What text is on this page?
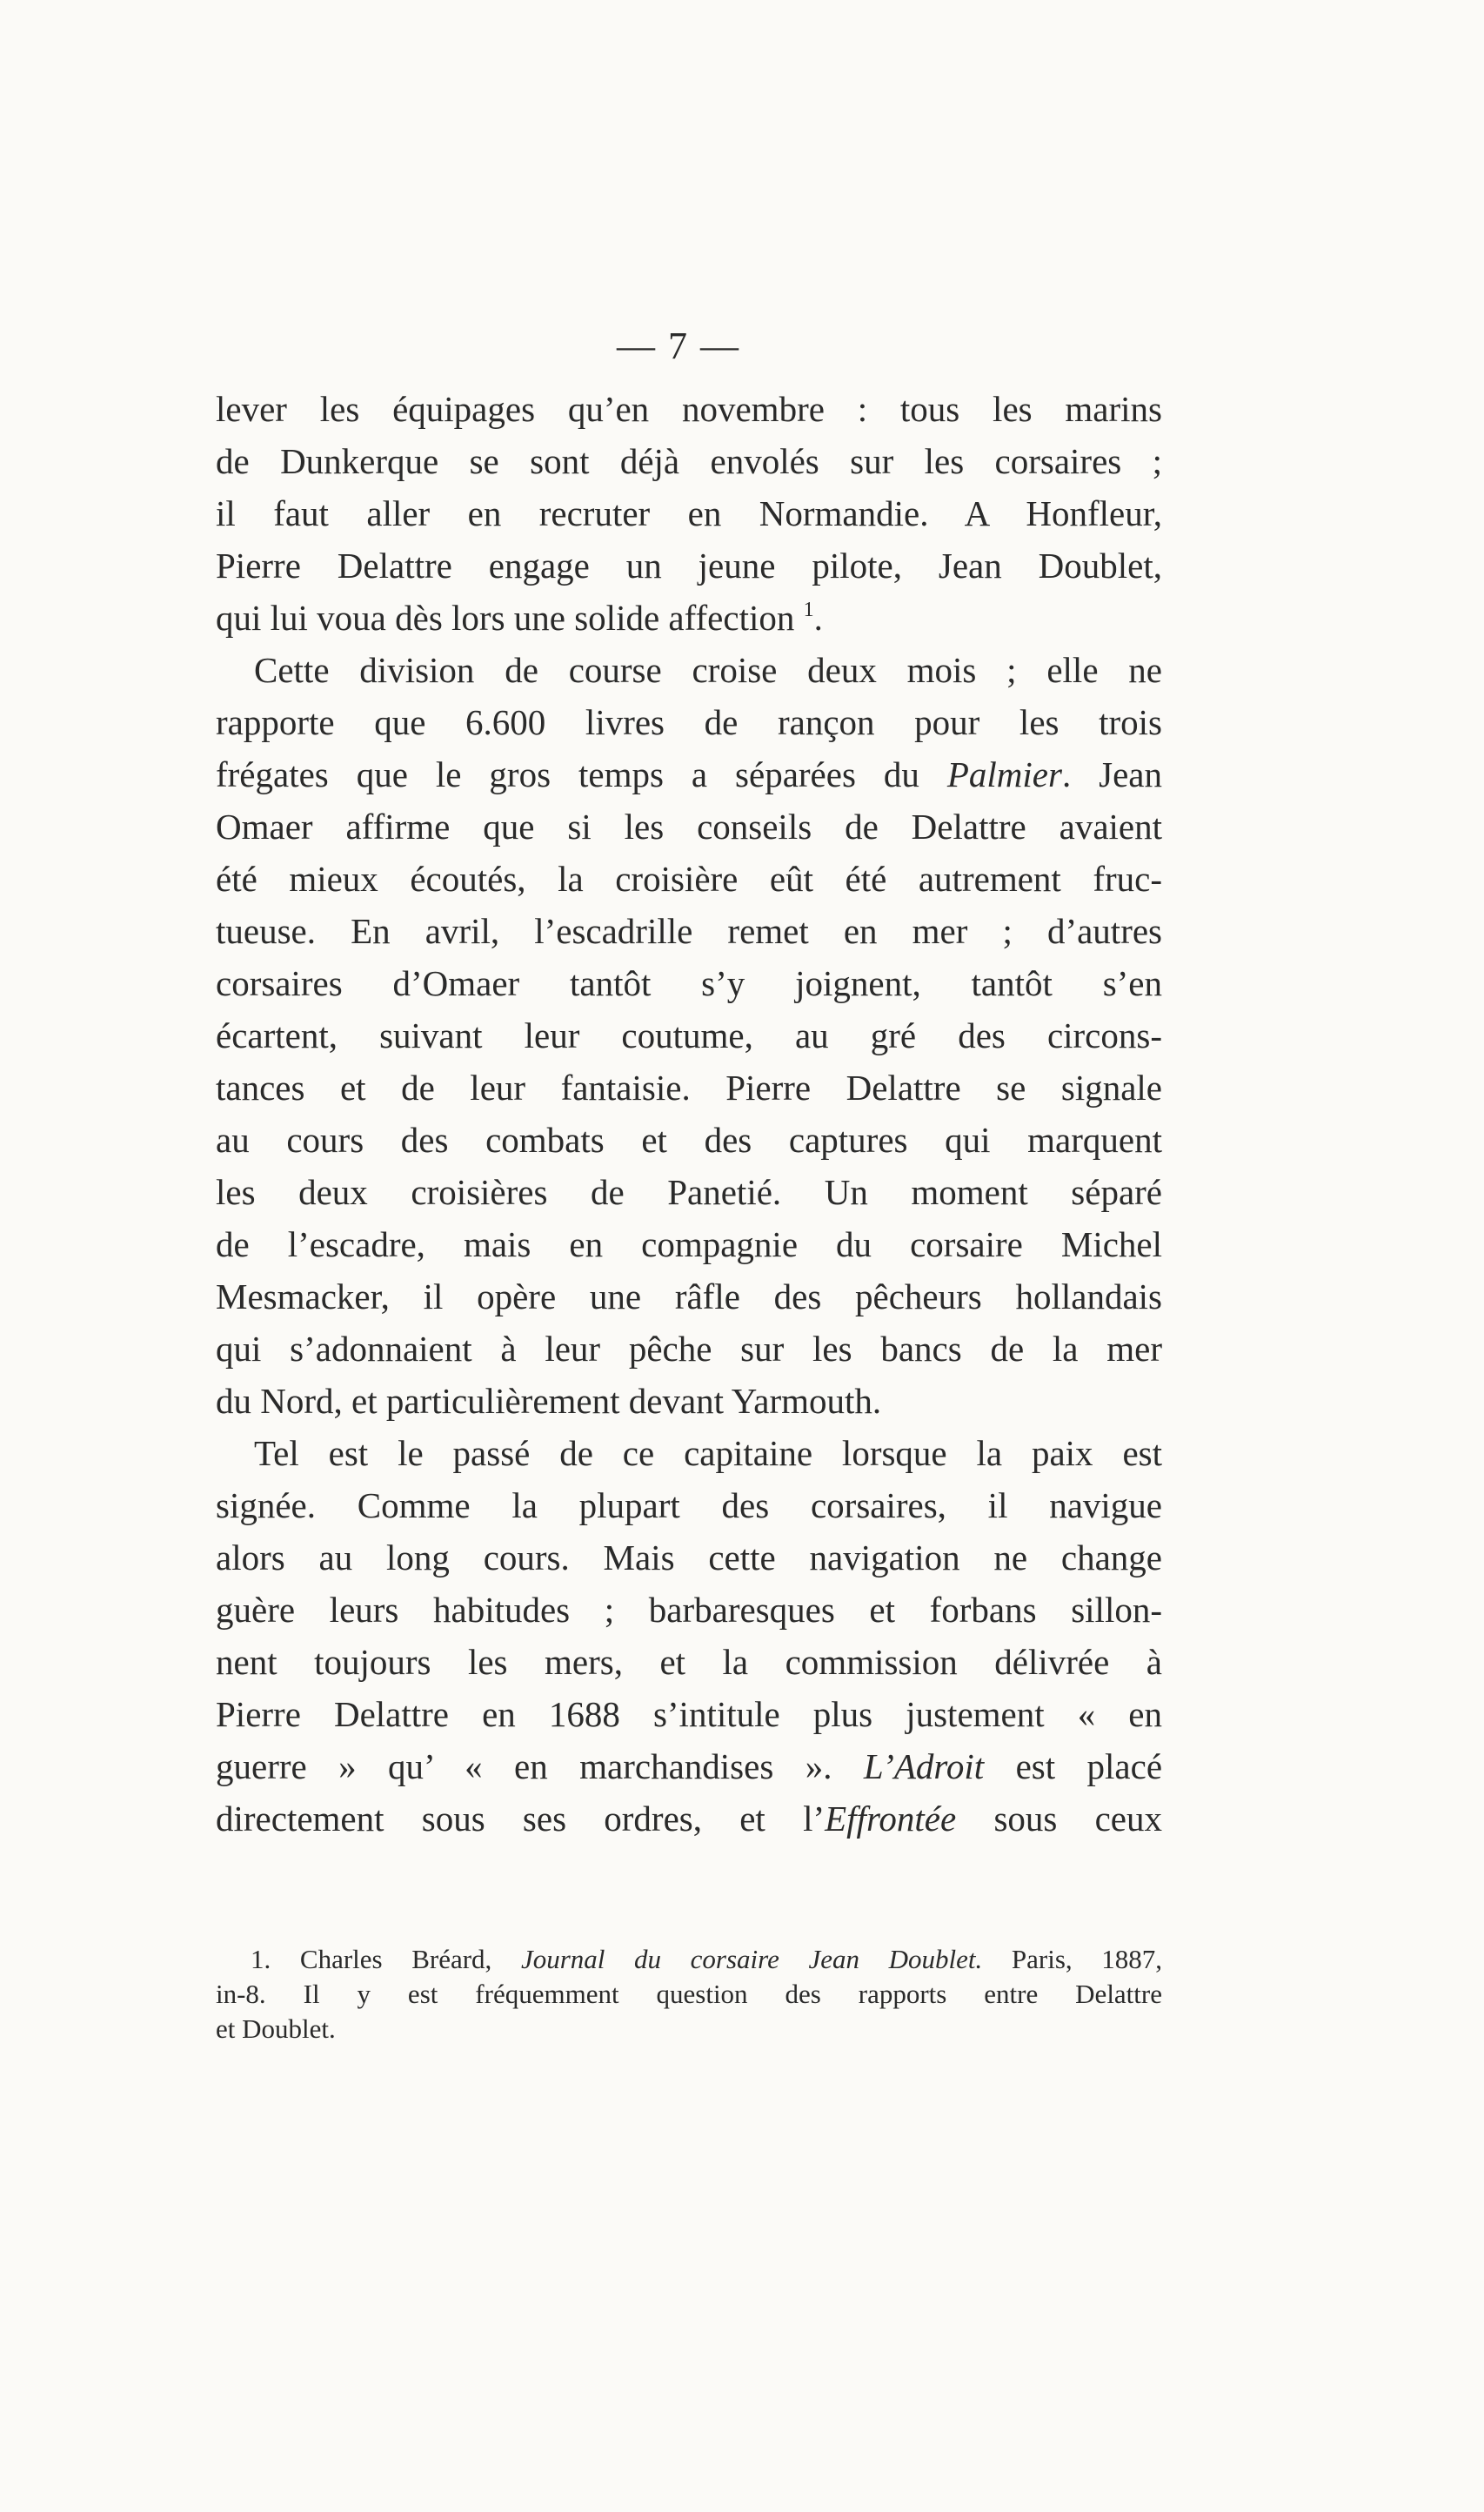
— 7 —
lever les équipages qu’en novembre : tous les marins
de Dunkerque se sont déjà envolés sur les corsaires ;
il faut aller en recruter en Normandie. A Honfleur,
Pierre Delattre engage un jeune pilote, Jean Doublet,
qui lui voua dès lors une solide affection $^1$.
Cette division de course croise deux mois ; elle ne
rapporte que 6.600 livres de rançon pour les trois
frégates que le gros temps a séparées du Palmier. Jean
Omaer affirme que si les conseils de Delattre avaient
été mieux écoutés, la croisière eût été autrement fruc-
tueuse. En avril, l’escadrille remet en mer ; d’autres
corsaires d’Omaer tantôt s’y joignent, tantôt s’en
écartent, suivant leur coutume, au gré des circons-
tances et de leur fantaisie. Pierre Delattre se signale
au cours des combats et des captures qui marquent
les deux croisières de Panetié. Un moment séparé
de l’escadre, mais en compagnie du corsaire Michel
Mesmacker, il opère une râfle des pêcheurs hollandais
qui s’adonnaient à leur pêche sur les bancs de la mer
du Nord, et particulièrement devant Yarmouth.
Tel est le passé de ce capitaine lorsque la paix est
signée. Comme la plupart des corsaires, il navigue
alors au long cours. Mais cette navigation ne change
guère leurs habitudes ; barbaresques et forbans sillon-
nent toujours les mers, et la commission délivrée à
Pierre Delattre en 1688 s’intitule plus justement « en
guerre » qu’ « en marchandises ». L’Adroit est placé
directement sous ses ordres, et l’Effrontée sous ceux
1. Charles Bréard, Journal du corsaire Jean Doublet. Paris, 1887,
in-8. Il y est fréquemment question des rapports entre Delattre
et Doublet.
